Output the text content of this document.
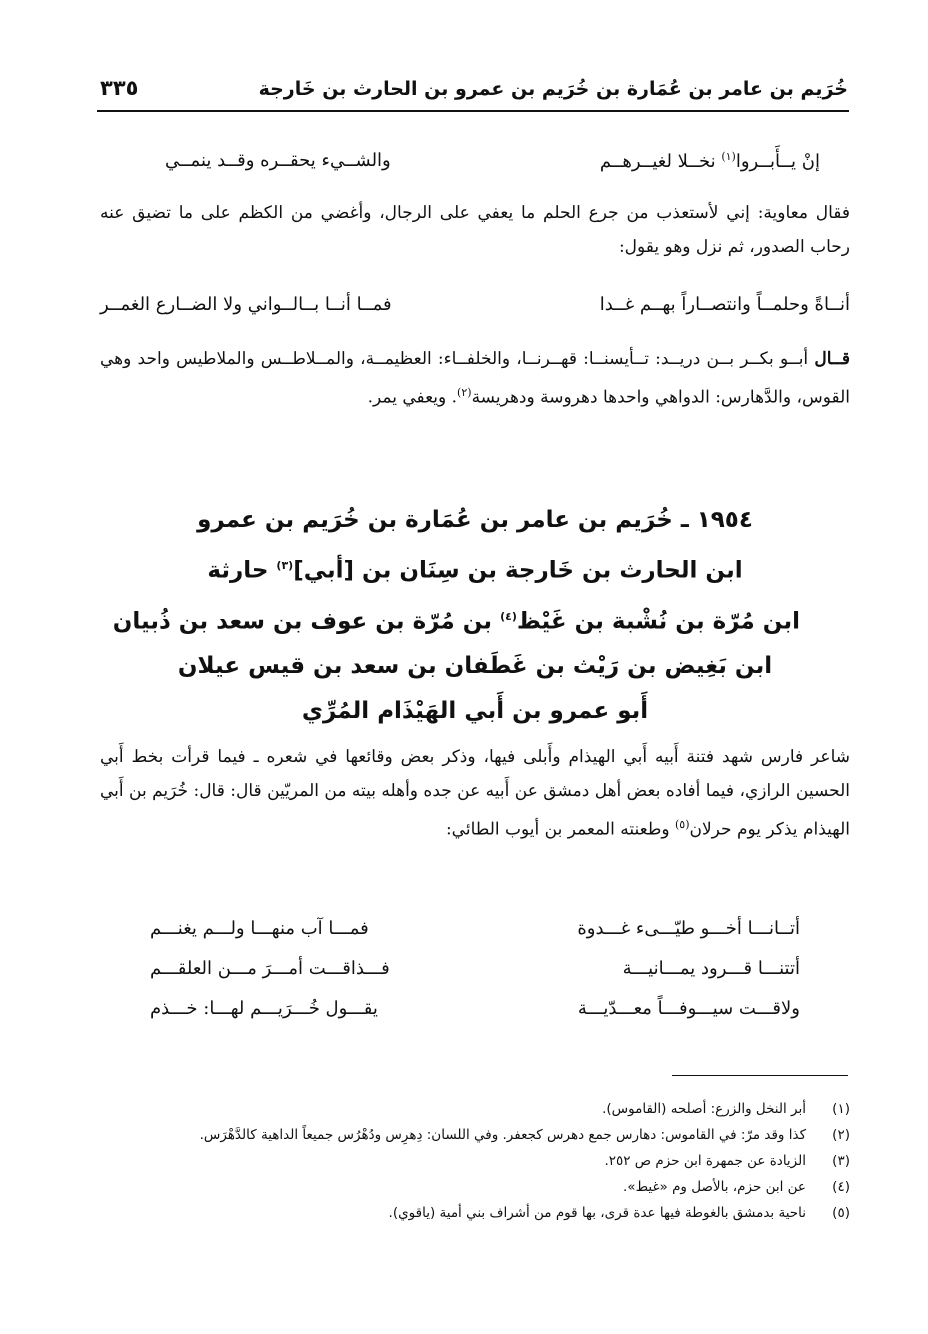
خُرَيم بن عامر بن عُمَارة بن خُرَيم بن عمرو بن الحارث بن خَارجة
٣٣٥
إنْ يــأَبــروا$^{(١)}$ نخــلا لغيــرهــم
والشــيء يحقــره وقــد ينمــي
فقال معاوية: إني لأستعذب من جرع الحلم ما يعفي على الرجال، وأغضي من الكظم على ما تضيق عنه رحاب الصدور، ثم نزل وهو يقول:
أنــاةً وحلمــاً وانتصــاراً بهــم غــدا
فمــا أنــا بــالــواني ولا الضــارع الغمــر
قــال أبــو بكــر بــن دريــد: تــأيسنــا: قهــرنــا، والخلفــاء: العظيمــة، والمــلاطــس والملاطيس واحد وهي القوس، والدَّهارس: الدواهي واحدها دهروسة ودهريسة$^{(٢)}$. ويعفي يمر.
١٩٥٤ ـ خُرَيم بن عامر بن عُمَارة بن خُرَيم بن عمرو
ابن الحارث بن خَارجة بن سِنَان بن [أبي]$^{(٣)}$ حارثة
ابن مُرّة بن نُشْبة بن غَيْظ$^{(٤)}$ بن مُرّة بن عوف بن سعد بن ذُبيان
ابن بَغِيض بن رَيْث بن غَطَفان بن سعد بن قيس عيلان
أَبو عمرو بن أَبي الهَيْذَام المُرِّي
شاعر فارس شهد فتنة أَبيه أَبي الهيذام وأَبلى فيها، وذكر بعض وقائعها في شعره ـ فيما قرأت بخط أَبي الحسين الرازي، فيما أفاده بعض أهل دمشق عن أَبيه عن جده وأهله بيته من المريّين قال: قال: خُرَيم بن أَبي الهيذام يذكر يوم حرلان$^{(٥)}$ وطعنته المعمر بن أيوب الطائي:
أتــانـــا أخـــو طيّـــىء غـــدوة
فمـــا آب منهـــا ولـــم يغنـــم
أتتنـــا قـــرود يمـــانيـــة
فـــذاقـــت أمـــرَ مـــن العلقـــم
ولاقـــت سيـــوفـــاً معـــدّيـــة
يقـــول خُـــرَيـــم لهـــا: خـــذم
(١)
أبر النخل والزرع: أصلحه (القاموس).
(٢)
كذا وقد مرّ: في القاموس: دهارس جمع دهرس كجعفر. وفي اللسان: دِهرِس ودُهْرُس جميعاً الداهية كالدَّهْرَس.
(٣)
الزيادة عن جمهرة ابن حزم ص ٢٥٢.
(٤)
عن ابن حزم، بالأصل وم «غيط».
(٥)
ناحية بدمشق بالغوطة فيها عدة قرى، بها قوم من أشراف بني أمية (ياقوي).
